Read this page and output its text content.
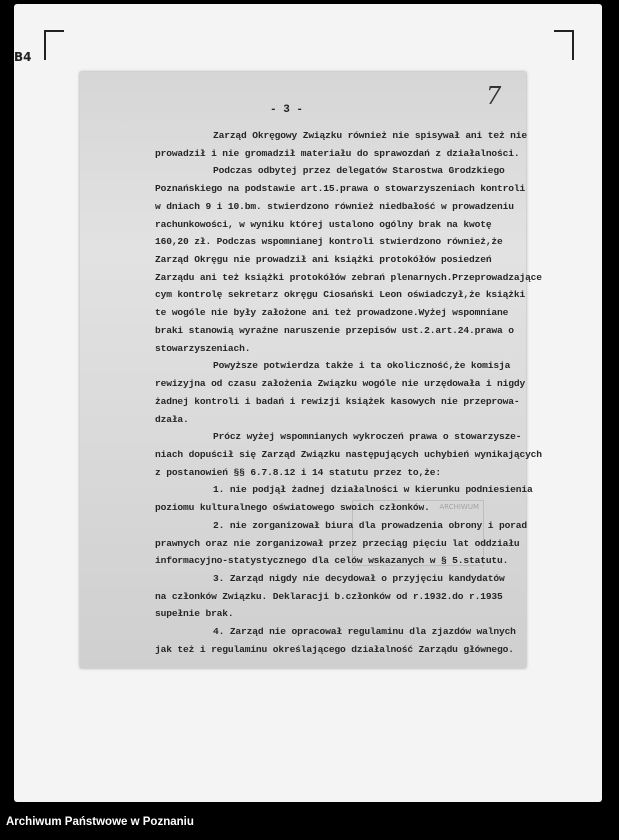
B4
- 3 -	7
ARCHIWUM
Zarząd Okręgowy Związku również nie spisywał ani też nie
prowadził i nie gromadził materiału do sprawozdań z działalności.
Podczas odbytej przez delegatów Starostwa Grodzkiego
Poznańskiego na podstawie art.15.prawa o stowarzyszeniach kontroli
w dniach 9 i 10.bm. stwierdzono również niedbałość w prowadzeniu
rachunkowości, w wyniku której ustalono ogólny brak na kwotę
160,20 zł. Podczas wspomnianej kontroli stwierdzono również,że
Zarząd Okręgu nie prowadził ani książki protokółów posiedzeń
Zarządu ani też książki protokółów zebrań plenarnych.Przeprowadzające
cym kontrolę sekretarz okręgu Ciosański Leon oświadczył,że książki
te wogóle nie były założone ani też prowadzone.Wyżej wspomniane
braki stanowią wyraźne naruszenie przepisów ust.2.art.24.prawa o
stowarzyszeniach.
Powyższe potwierdza także i ta okoliczność,że komisja
rewizyjna od czasu założenia Związku wogóle nie urzędowała i nigdy
żadnej kontroli i badań i rewizji książek kasowych nie przeprowa-
dzała.
Prócz wyżej wspomnianych wykroczeń prawa o stowarzysze-
niach dopuścił się Zarząd Związku następujących uchybień wynikających
z postanowień §§ 6.7.8.12 i 14 statutu przez to,że:
1. nie podjął żadnej działalności w kierunku podniesienia
poziomu kulturalnego oświatowego swoich członków.
2. nie zorganizował biura dla prowadzenia obrony i porad
prawnych oraz nie zorganizował przez przeciąg pięciu lat oddziału
informacyjno-statystycznego dla celów wskazanych w § 5.statutu.
3. Zarząd nigdy nie decydował o przyjęciu kandydatów
na członków Związku. Deklaracji b.członków od r.1932.do r.1935
supełnie brak.
4. Zarząd nie opracował regulaminu dla zjazdów walnych
jak też i regulaminu określającego działalność Zarządu głównego.
Archiwum Państwowe w Poznaniu
